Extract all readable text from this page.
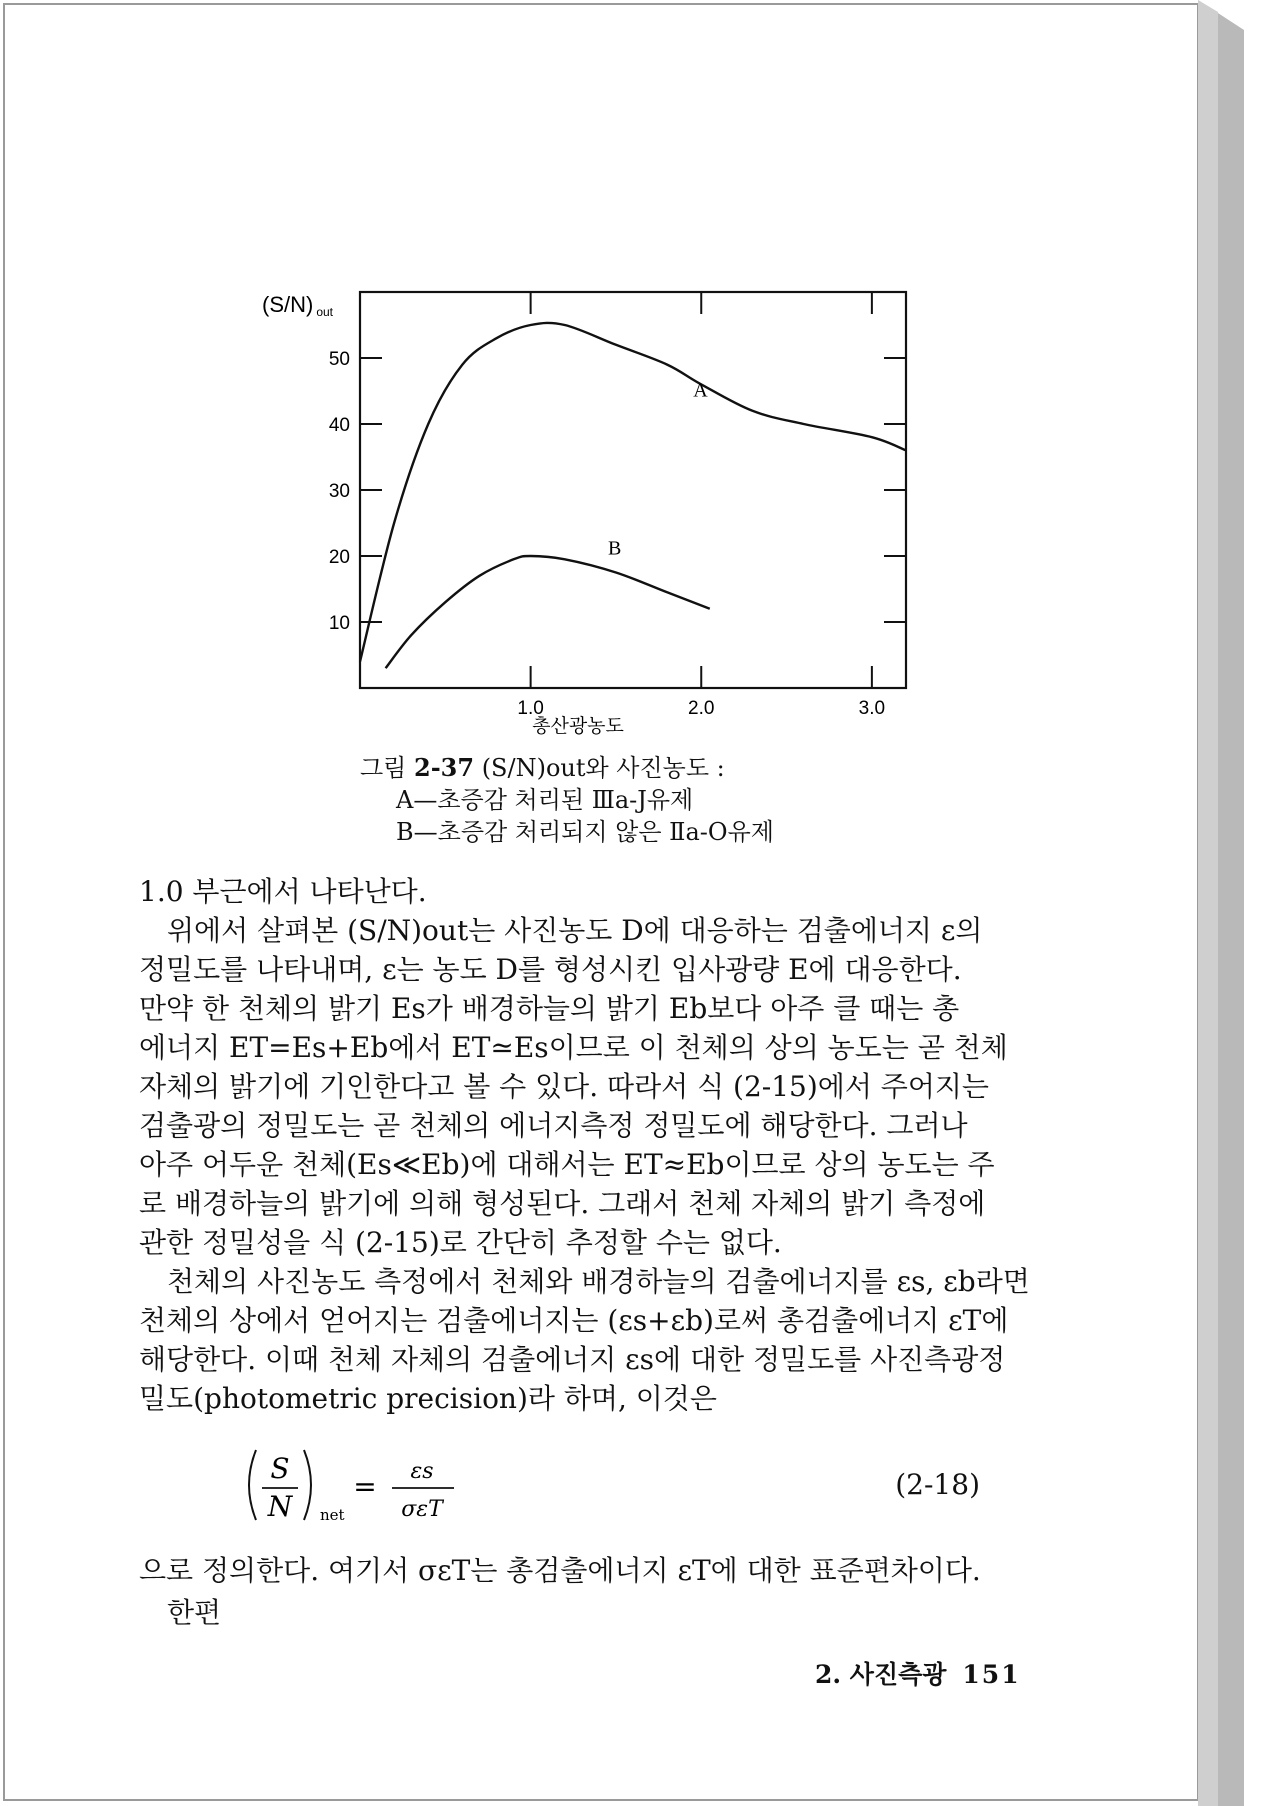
10
20
30
40
50
1.0	2.0	3.0
(S/N) out
A
B
총산광농도
그림 2-37 (S/N)out와 사진농도 :
A—초증감 처리된 Ⅲa-J유제
B—초증감 처리되지 않은 Ⅱa-O유제
1.0 부근에서 나타난다.
위에서 살펴본 (S/N)out는 사진농도 D에 대응하는 검출에너지 ε의
정밀도를 나타내며, ε는 농도 D를 형성시킨 입사광량 E에 대응한다.
만약 한 천체의 밝기 Es가 배경하늘의 밝기 Eb보다 아주 클 때는 총
에너지 ET=Es+Eb에서 ET≃Es이므로 이 천체의 상의 농도는 곧 천체
자체의 밝기에 기인한다고 볼 수 있다. 따라서 식 (2-15)에서 주어지는
검출광의 정밀도는 곧 천체의 에너지측정 정밀도에 해당한다. 그러나
아주 어두운 천체(Es≪Eb)에 대해서는 ET≈Eb이므로 상의 농도는 주
로 배경하늘의 밝기에 의해 형성된다. 그래서 천체 자체의 밝기 측정에
관한 정밀성을 식 (2-15)로 간단히 추정할 수는 없다.
천체의 사진농도 측정에서 천체와 배경하늘의 검출에너지를 εs, εb라면
천체의 상에서 얻어지는 검출에너지는 (εs+εb)로써 총검출에너지 εT에
해당한다. 이때 천체 자체의 검출에너지 εs에 대한 정밀도를 사진측광정
밀도(photometric precision)라 하며, 이것은
S
N net
= εs
σεT
(2-18)
으로 정의한다. 여기서 σεT는 총검출에너지 εT에 대한 표준편차이다.
한편
2. 사진측광 151
